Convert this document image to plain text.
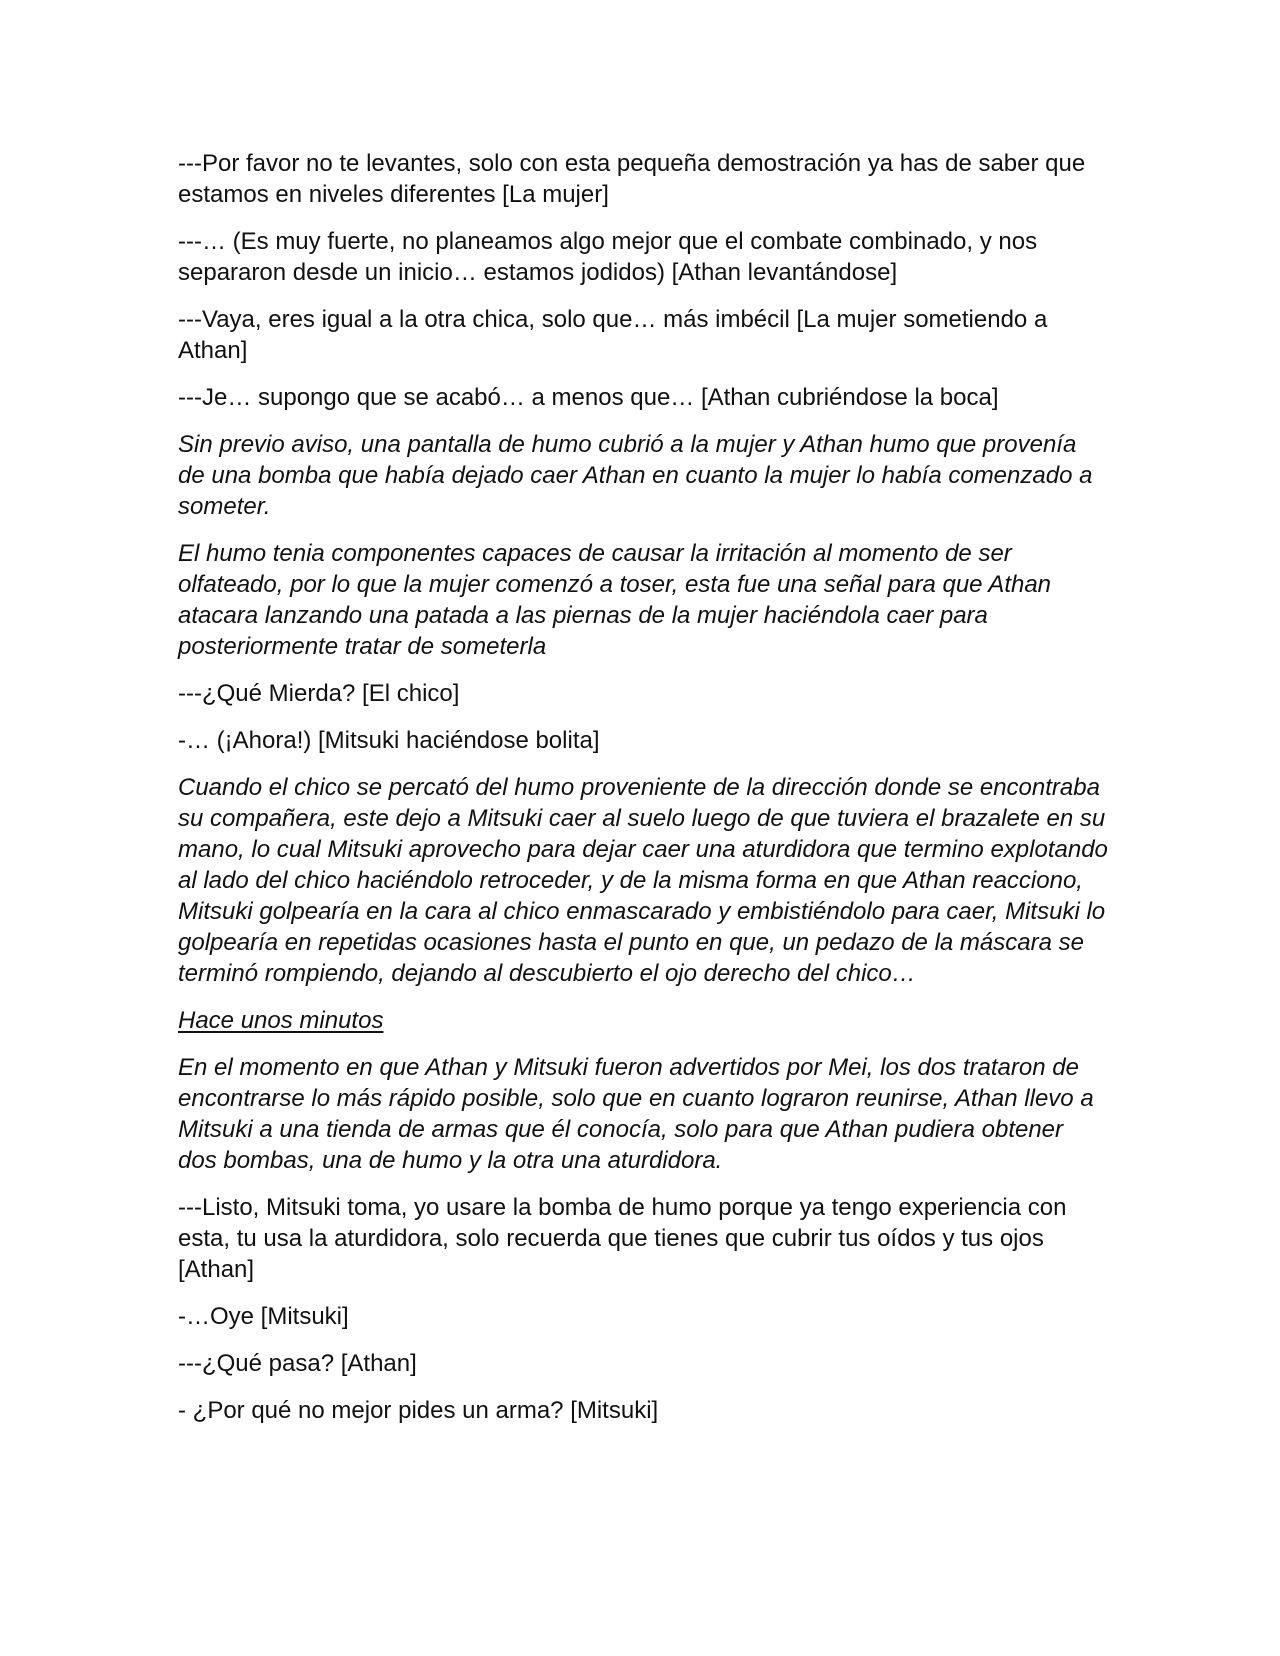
---Por favor no te levantes, solo con esta pequeña demostración ya has de saber que estamos en niveles diferentes [La mujer]

---… (Es muy fuerte, no planeamos algo mejor que el combate combinado, y nos separaron desde un inicio… estamos jodidos) [Athan levantándose]

---Vaya, eres igual a la otra chica, solo que… más imbécil [La mujer sometiendo a Athan]

---Je… supongo que se acabó… a menos que… [Athan cubriéndose la boca]

Sin previo aviso, una pantalla de humo cubrió a la mujer y Athan humo que provenía de una bomba que había dejado caer Athan en cuanto la mujer lo había comenzado a someter.

El humo tenia componentes capaces de causar la irritación al momento de ser olfateado, por lo que la mujer comenzó a toser, esta fue una señal para que Athan atacara lanzando una patada a las piernas de la mujer haciéndola caer para posteriormente tratar de someterla

---¿Qué Mierda? [El chico]

-… (¡Ahora!) [Mitsuki haciéndose bolita]

Cuando el chico se percató del humo proveniente de la dirección donde se encontraba su compañera, este dejo a Mitsuki caer al suelo luego de que tuviera el brazalete en su mano, lo cual Mitsuki aprovecho para dejar caer una aturdidora que termino explotando al lado del chico haciéndolo retroceder, y de la misma forma en que Athan reacciono, Mitsuki golpearía en la cara al chico enmascarado y embistiéndolo para caer, Mitsuki lo golpearía en repetidas ocasiones hasta el punto en que, un pedazo de la máscara se terminó rompiendo, dejando al descubierto el ojo derecho del chico…

Hace unos minutos

En el momento en que Athan y Mitsuki fueron advertidos por Mei, los dos trataron de encontrarse lo más rápido posible, solo que en cuanto lograron reunirse, Athan llevo a Mitsuki a una tienda de armas que él conocía, solo para que Athan pudiera obtener dos bombas, una de humo y la otra una aturdidora.

---Listo, Mitsuki toma, yo usare la bomba de humo porque ya tengo experiencia con esta, tu usa la aturdidora, solo recuerda que tienes que cubrir tus oídos y tus ojos [Athan]

-…Oye [Mitsuki]

---¿Qué pasa? [Athan]

- ¿Por qué no mejor pides un arma? [Mitsuki]
